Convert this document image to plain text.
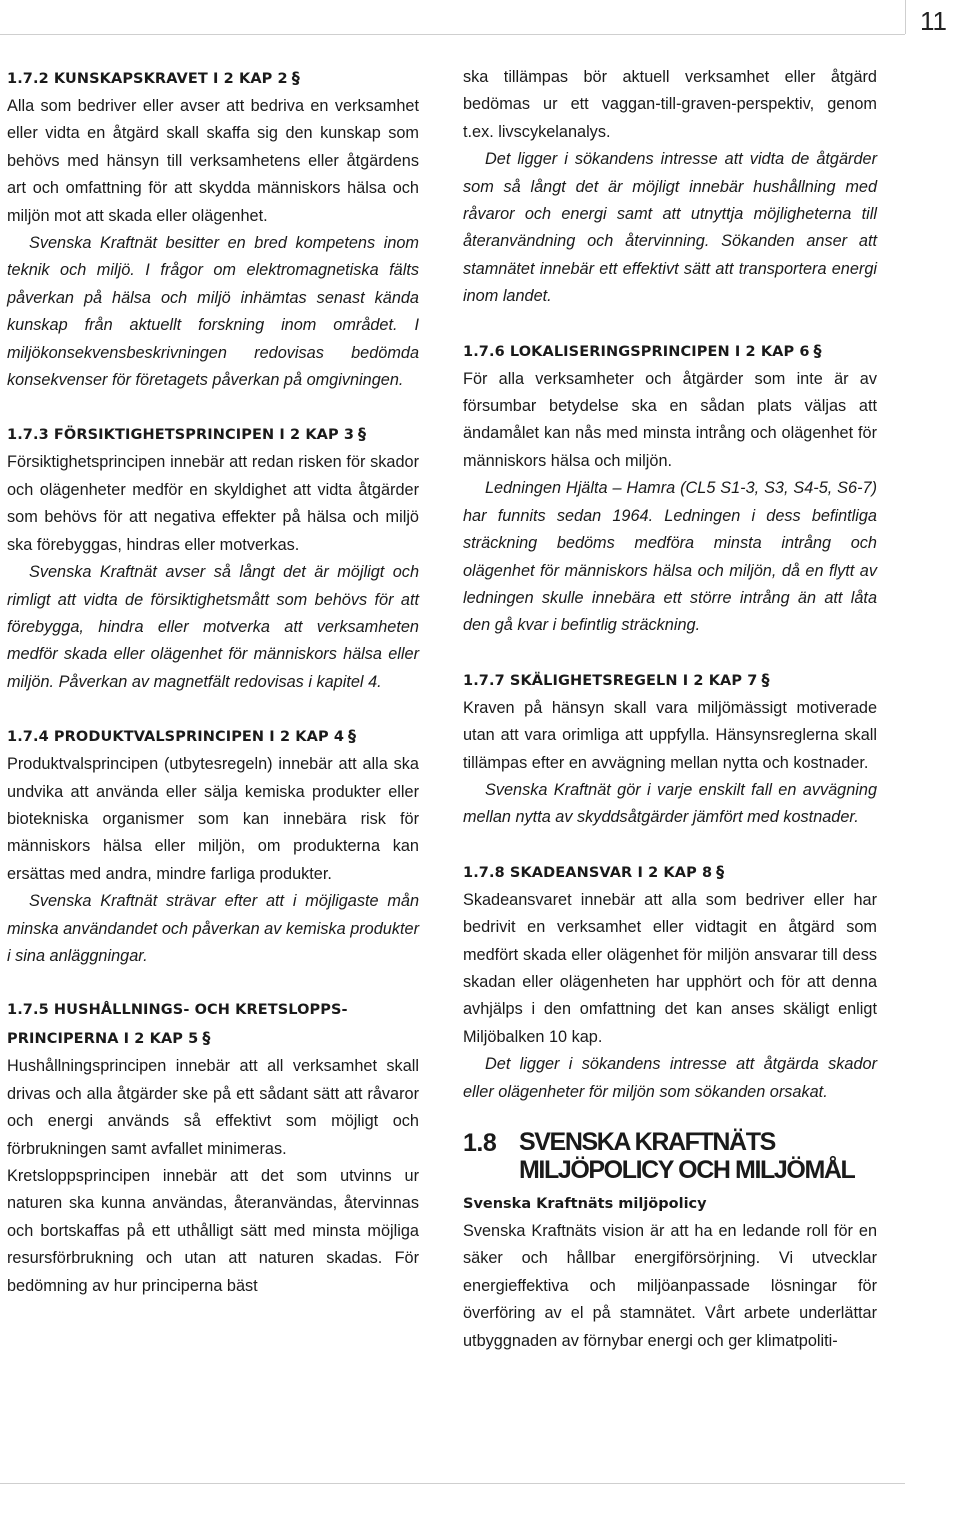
11
1.7.2 KUNSKAPSKRAVET I 2 KAP 2 §

Alla som bedriver eller avser att bedriva en verksamhet eller vidta en åtgärd skall skaffa sig den kunskap som behövs med hänsyn till verksamhetens eller åtgärdens art och omfattning för att skydda människors hälsa och miljön mot att skada eller olägenhet.

Svenska Kraftnät besitter en bred kompetens inom teknik och miljö. I frågor om elektromagnetiska fälts påverkan på hälsa och miljö inhämtas senast kända kunskap från aktuellt forskning inom området. I miljökonsekvensbeskrivningen redovisas bedömda konsekvenser för företagets påverkan på omgivningen.

1.7.3 FÖRSIKTIGHETSPRINCIPEN I 2 KAP 3 §

Försiktighetsprincipen innebär att redan risken för skador och olägenheter medför en skyldighet att vidta åtgärder som behövs för att negativa effekter på hälsa och miljö ska förebyggas, hindras eller motverkas.

Svenska Kraftnät avser så långt det är möjligt och rimligt att vidta de försiktighetsmått som behövs för att förebygga, hindra eller motverka att verksamheten medför skada eller olägenhet för människors hälsa eller miljön. Påverkan av magnetfält redovisas i kapitel 4.

1.7.4 PRODUKTVALSPRINCIPEN I 2 KAP 4 §

Produktvalsprincipen (utbytesregeln) innebär att alla ska undvika att använda eller sälja kemiska produkter eller biotekniska organismer som kan innebära risk för människors hälsa eller miljön, om produkterna kan ersättas med andra, mindre farliga produkter.

Svenska Kraftnät strävar efter att i möjligaste mån minska användandet och påverkan av kemiska produkter i sina anläggningar.

1.7.5 HUSHÅLLNINGS- OCH KRETSLOPPS-
PRINCIPERNA I 2 KAP 5 §

Hushållningsprincipen innebär att all verksamhet skall drivas och alla åtgärder ske på ett sådant sätt att råvaror och energi används så effektivt som möjligt och förbrukningen samt avfallet minimeras.

Kretsloppsprincipen innebär att det som utvinns ur naturen ska kunna användas, återanvändas, återvinnas och bortskaffas på ett uthålligt sätt med minsta möjliga resursförbrukning och utan att naturen skadas. För bedömning av hur principerna bäst

ska tillämpas bör aktuell verksamhet eller åtgärd bedömas ur ett vaggan-till-graven-perspektiv, genom t.ex. livscykelanalys.

Det ligger i sökandens intresse att vidta de åtgärder som så långt det är möjligt innebär hushållning med råvaror och energi samt att utnyttja möjligheterna till återanvändning och återvinning. Sökanden anser att stamnätet innebär ett effektivt sätt att transportera energi inom landet.

1.7.6 LOKALISERINGSPRINCIPEN I 2 KAP 6 §

För alla verksamheter och åtgärder som inte är av försumbar betydelse ska en sådan plats väljas att ändamålet kan nås med minsta intrång och olägenhet för människors hälsa och miljön.

Ledningen Hjälta – Hamra (CL5 S1-3, S3, S4-5, S6-7) har funnits sedan 1964. Ledningen i dess befintliga sträckning bedöms medföra minsta intrång och olägenhet för människors hälsa och miljön, då en flytt av ledningen skulle innebära ett större intrång än att låta den gå kvar i befintlig sträckning.

1.7.7 SKÄLIGHETSREGELN I 2 KAP 7 §

Kraven på hänsyn skall vara miljömässigt motiverade utan att vara orimliga att uppfylla. Hänsynsreglerna skall tillämpas efter en avvägning mellan nytta och kostnader.

Svenska Kraftnät gör i varje enskilt fall en avvägning mellan nytta av skyddsåtgärder jämfört med kostnader.

1.7.8 SKADEANSVAR I 2 KAP 8 §

Skadeansvaret innebär att alla som bedriver eller har bedrivit en verksamhet eller vidtagit en åtgärd som medfört skada eller olägenhet för miljön ansvarar till dess skadan eller olägenheten har upphört och för att denna avhjälps i den omfattning det kan anses skäligt enligt Miljöbalken 10 kap.

Det ligger i sökandens intresse att åtgärda skador eller olägenheter för miljön som sökanden orsakat.

1.8 SVENSKA KRAFTNÄTS MILJÖPOLICY OCH MILJÖMÅL
Svenska Kraftnäts miljöpolicy

Svenska Kraftnäts vision är att ha en ledande roll för en säker och hållbar energiförsörjning. Vi utvecklar energieffektiva och miljöanpassade lösningar för överföring av el på stamnätet. Vårt arbete underlättar utbyggnaden av förnybar energi och ger klimatpoliti-
